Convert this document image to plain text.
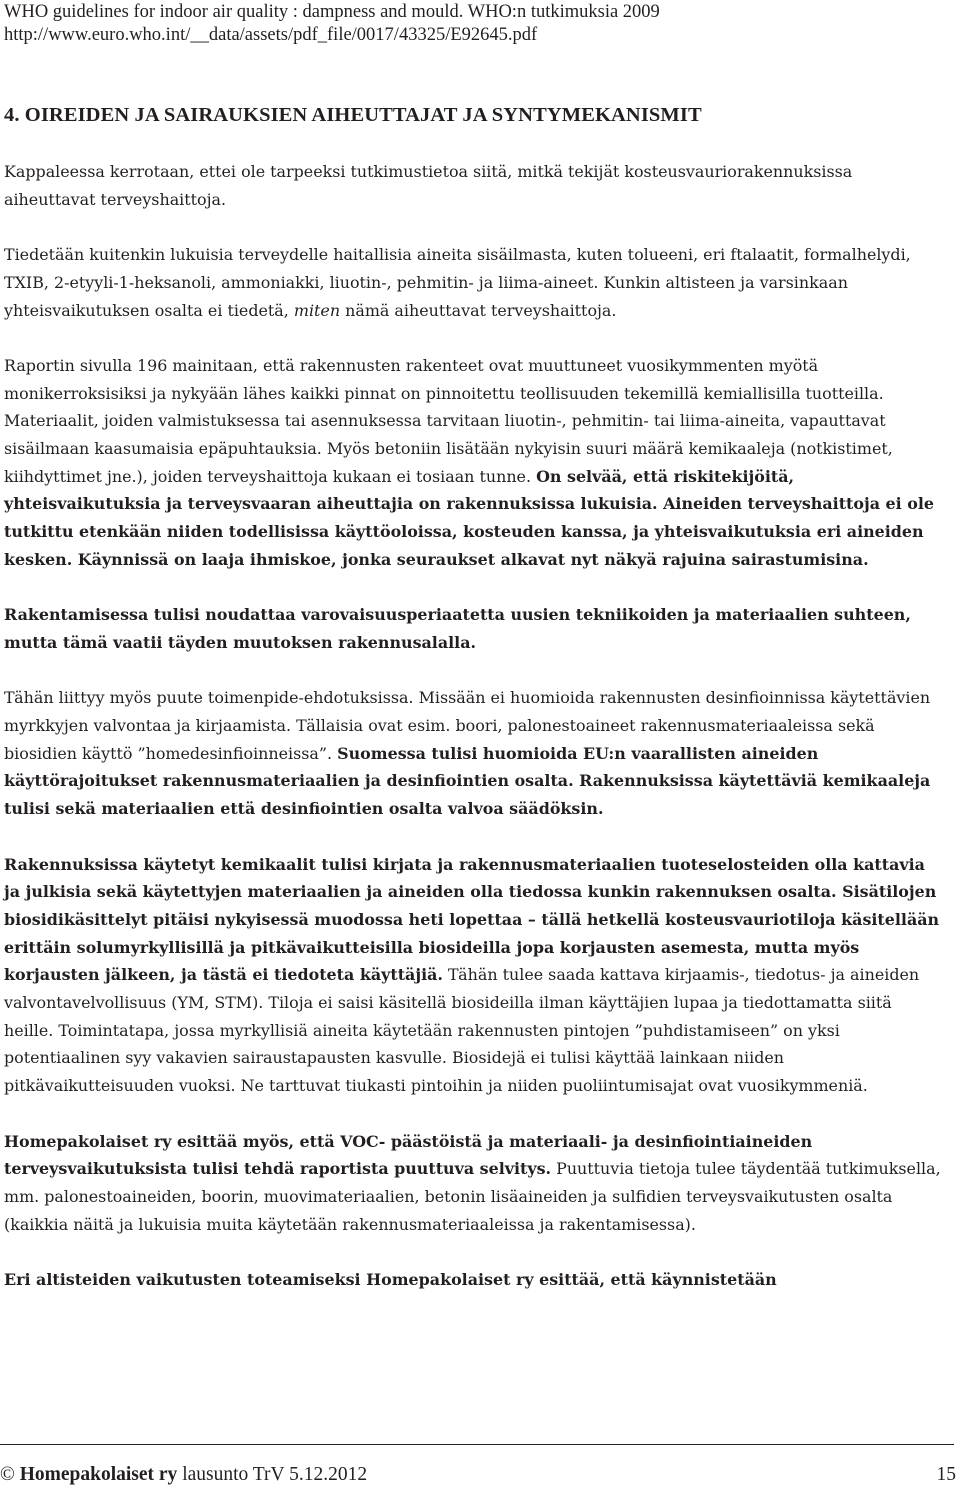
WHO guidelines for indoor air quality : dampness and mould. WHO:n tutkimuksia 2009

http://www.euro.who.int/__data/assets/pdf_file/0017/43325/E92645.pdf

4. OIREIDEN JA SAIRAUKSIEN AIHEUTTAJAT JA SYNTYMEKANISMIT

Kappaleessa kerrotaan, ettei ole tarpeeksi tutkimustietoa siitä, mitkä tekijät kosteusvauriorakennuksissa aiheuttavat terveyshaittoja.

Tiedetään kuitenkin lukuisia terveydelle haitallisia aineita sisäilmasta, kuten tolueeni, eri ftalaatit, formalhelydi, TXIB, 2-etyyli-1-heksanoli, ammoniakki, liuotin-, pehmitin- ja liima-aineet. Kunkin altisteen ja varsinkaan yhteisvaikutuksen osalta ei tiedetä, miten nämä aiheuttavat terveyshaittoja.

Raportin sivulla 196 mainitaan, että rakennusten rakenteet ovat muuttuneet vuosikymmenten myötä monikerroksisiksi ja nykyään lähes kaikki pinnat on pinnoitettu teollisuuden tekemillä kemiallisilla tuotteilla. Materiaalit, joiden valmistuksessa tai asennuksessa tarvitaan liuotin-, pehmitin- tai liima-aineita, vapauttavat sisäilmaan kaasumaisia epäpuhtauksia. Myös betoniin lisätään nykyisin suuri määrä kemikaaleja (notkistimet, kiihdyttimet jne.), joiden terveyshaittoja kukaan ei tosiaan tunne. On selvää, että riskitekijöitä, yhteisvaikutuksia ja terveysvaaran aiheuttajia on rakennuksissa lukuisia. Aineiden terveyshaittoja ei ole tutkittu etenkään niiden todellisissa käyttöoloissa, kosteuden kanssa, ja yhteisvaikutuksia eri aineiden kesken. Käynnissä on laaja ihmiskoe, jonka seuraukset alkavat nyt näkyä rajuina sairastumisina.

Rakentamisessa tulisi noudattaa varovaisuusperiaatetta uusien tekniikoiden ja materiaalien suhteen, mutta tämä vaatii täyden muutoksen rakennusalalla.

Tähän liittyy myös puute toimenpide-ehdotuksissa. Missään ei huomioida rakennusten desinfioinnissa käytettävien myrkkyjen valvontaa ja kirjaamista. Tällaisia ovat esim. boori, palonestoaineet rakennusmateriaaleissa sekä biosidien käyttö ”homedesinfioinneissa”. Suomessa tulisi huomioida EU:n vaarallisten aineiden käyttörajoitukset rakennusmateriaalien ja desinfiointien osalta. Rakennuksissa käytettäviä kemikaaleja tulisi sekä materiaalien että desinfiointien osalta valvoa säädöksin.

Rakennuksissa käytetyt kemikaalit tulisi kirjata ja rakennusmateriaalien tuoteselosteiden olla kattavia ja julkisia sekä käytettyjen materiaalien ja aineiden olla tiedossa kunkin rakennuksen osalta. Sisätilojen biosidikäsittelyt pitäisi nykyisessä muodossa heti lopettaa – tällä hetkellä kosteusvauriotiloja käsitellään erittäin solumyrkyllisillä ja pitkävaikutteisilla biosideilla jopa korjausten asemesta, mutta myös korjausten jälkeen, ja tästä ei tiedoteta käyttäjiä. Tähän tulee saada kattava kirjaamis-, tiedotus- ja aineiden valvontavelvollisuus (YM, STM). Tiloja ei saisi käsitellä biosideilla ilman käyttäjien lupaa ja tiedottamatta siitä heille. Toimintatapa, jossa myrkyllisiä aineita käytetään rakennusten pintojen ”puhdistamiseen” on yksi potentiaalinen syy vakavien sairaustapausten kasvulle. Biosidejä ei tulisi käyttää lainkaan niiden pitkävaikutteisuuden vuoksi. Ne tarttuvat tiukasti pintoihin ja niiden puoliintumisajat ovat vuosikymmeniä.

Homepakolaiset ry esittää myös, että VOC- päästöistä ja materiaali- ja desinfiointiaineiden terveysvaikutuksista tulisi tehdä raportista puuttuva selvitys. Puuttuvia tietoja tulee täydentää tutkimuksella, mm. palonestoaineiden, boorin, muovimateriaalien, betonin lisäaineiden ja sulfidien terveysvaikutusten osalta (kaikkia näitä ja lukuisia muita käytetään rakennusmateriaaleissa ja rakentamisessa).

Eri altisteiden vaikutusten toteamiseksi Homepakolaiset ry esittää, että käynnistetään

© Homepakolaiset ry lausunto TrV 5.12.2012	15
